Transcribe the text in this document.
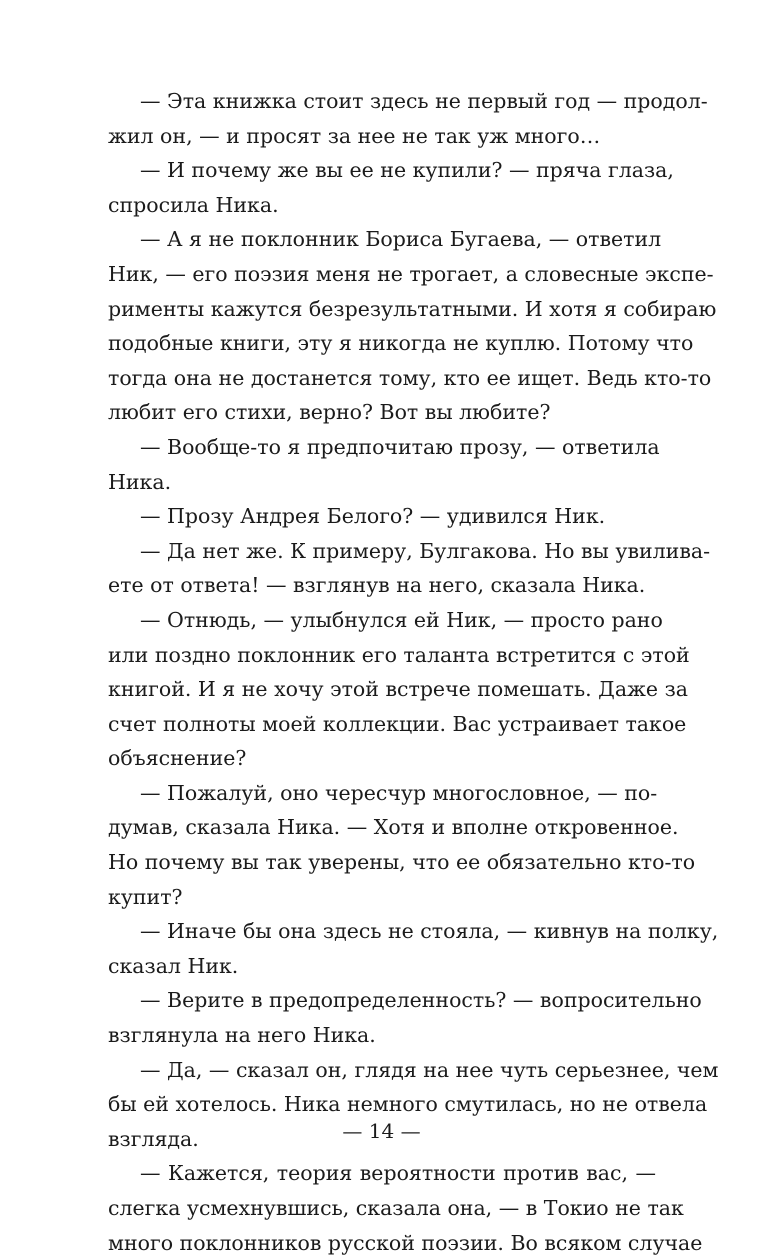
— Эта книжка стоит здесь не первый год — продол-
жил он, — и просят за нее не так уж много…
— И почему же вы ее не купили? — пряча глаза,
спросила Ника.
— А я не поклонник Бориса Бугаева, — ответил
Ник, — его поэзия меня не трогает, а словесные экспе-
рименты кажутся безрезультатными. И хотя я собираю
подобные книги, эту я никогда не куплю. Потому что
тогда она не достанется тому, кто ее ищет. Ведь кто-то
любит его стихи, верно? Вот вы любите?
— Вообще-то я предпочитаю прозу, — ответила
Ника.
— Прозу Андрея Белого? — удивился Ник.
— Да нет же. К примеру, Булгакова. Но вы увилива-
ете от ответа! — взглянув на него, сказала Ника.
— Отнюдь, — улыбнулся ей Ник, — просто рано
или поздно поклонник его таланта встретится с этой
книгой. И я не хочу этой встрече помешать. Даже за
счет полноты моей коллекции. Вас устраивает такое
объяснение?
— Пожалуй, оно чересчур многословное, — по-
думав, сказала Ника. — Хотя и вполне откровенное.
Но почему вы так уверены, что ее обязательно кто-то
купит?
— Иначе бы она здесь не стояла, — кивнув на полку,
сказал Ник.
— Верите в предопределенность? — вопросительно
взглянула на него Ника.
— Да, — сказал он, глядя на нее чуть серьезнее, чем
бы ей хотелось. Ника немного смутилась, но не отвела
взгляда.
— Кажется, теория вероятности против вас, —
слегка усмехнувшись, сказала она, — в Токио не так
много поклонников русской поэзии. Во всяком случае
— 14 —
